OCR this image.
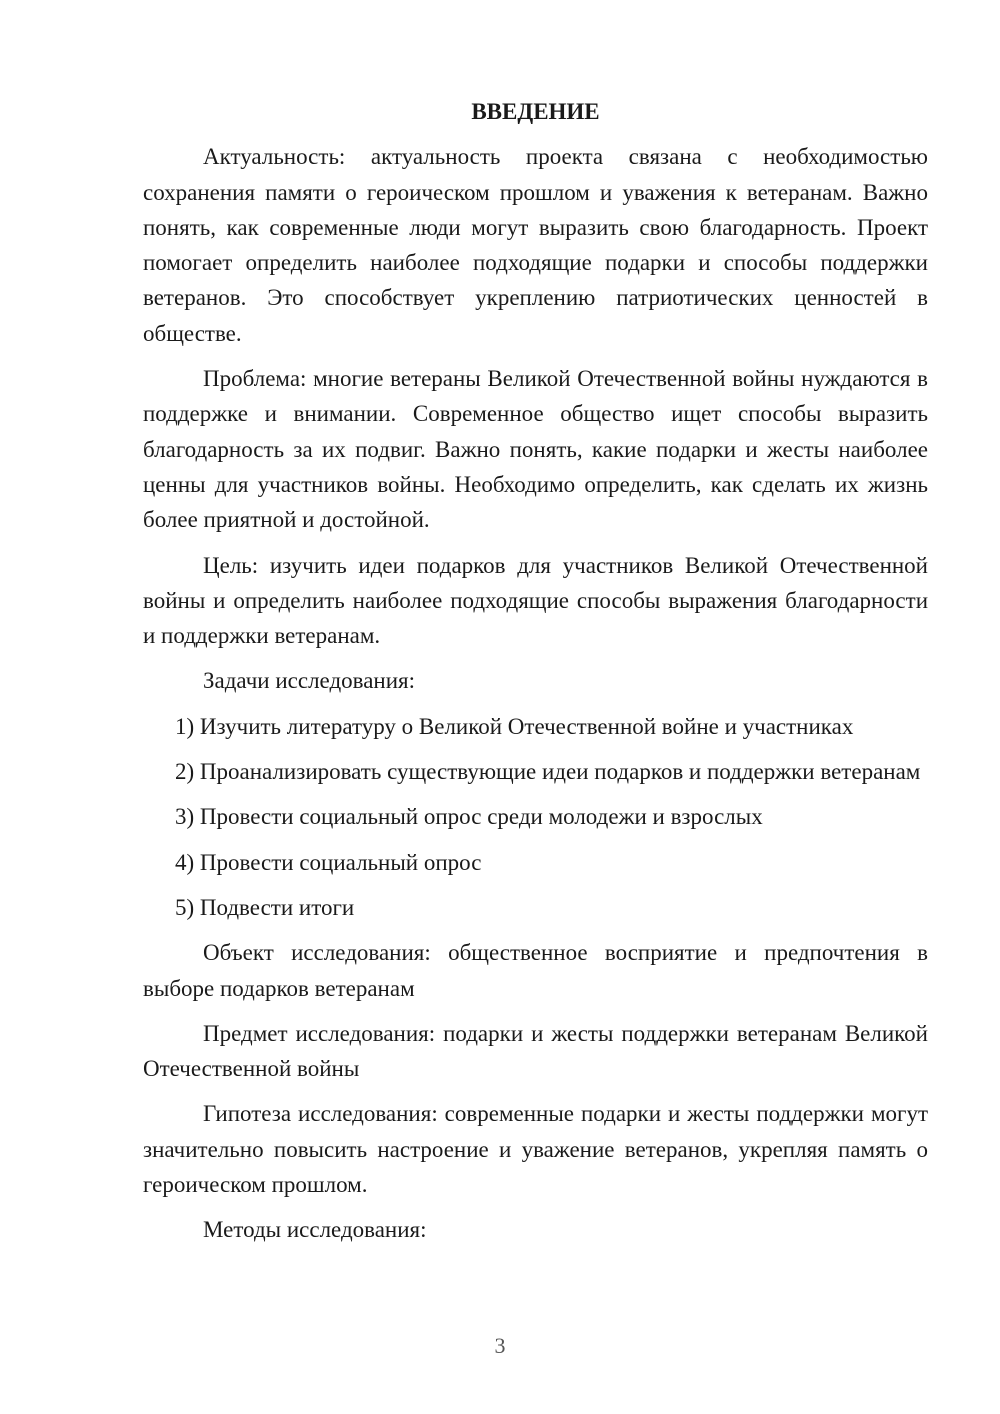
ВВЕДЕНИЕ

Актуальность: актуальность проекта связана с необходимостью сохранения памяти о героическом прошлом и уважения к ветеранам. Важно понять, как современные люди могут выразить свою благодарность. Проект помогает определить наиболее подходящие подарки и способы поддержки ветеранов. Это способствует укреплению патриотических ценностей в обществе.

Проблема: многие ветераны Великой Отечественной войны нуждаются в поддержке и внимании. Современное общество ищет способы выразить благодарность за их подвиг. Важно понять, какие подарки и жесты наиболее ценны для участников войны. Необходимо определить, как сделать их жизнь более приятной и достойной.

Цель: изучить идеи подарков для участников Великой Отечественной войны и определить наиболее подходящие способы выражения благодарности и поддержки ветеранам.

Задачи исследования:

1) Изучить литературу о Великой Отечественной войне и участниках

2) Проанализировать существующие идеи подарков и поддержки ветеранам

3) Провести социальный опрос среди молодежи и взрослых

4) Провести социальный опрос

5) Подвести итоги

Объект исследования: общественное восприятие и предпочтения в выборе подарков ветеранам

Предмет исследования: подарки и жесты поддержки ветеранам Великой Отечественной войны

Гипотеза исследования: современные подарки и жесты поддержки могут значительно повысить настроение и уважение ветеранов, укрепляя память о героическом прошлом.

Методы исследования:

3
